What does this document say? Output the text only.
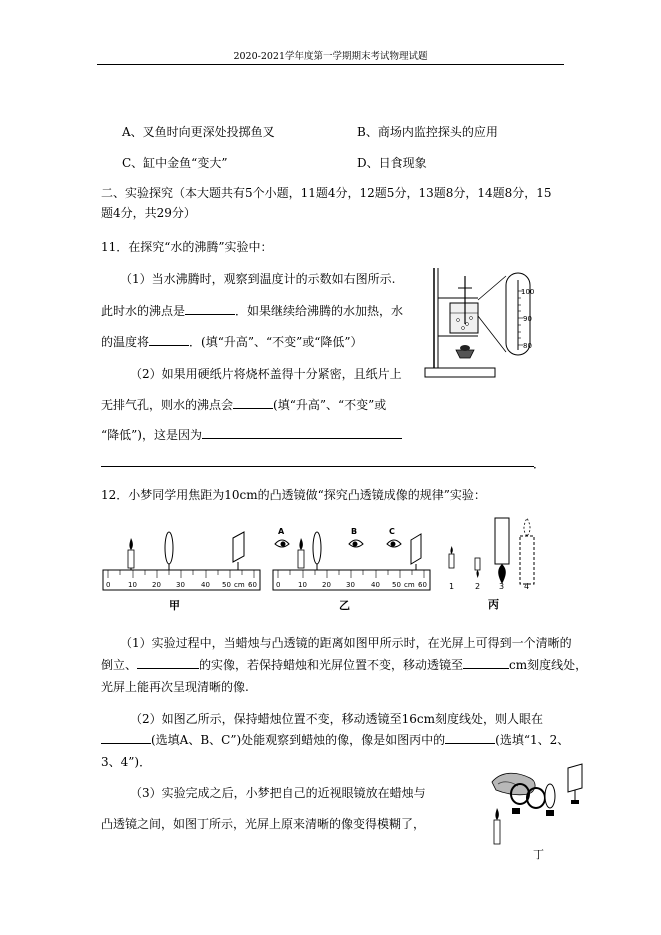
2020-2021学年度第一学期期末考试物理试题
A、叉鱼时向更深处投掷鱼叉	B、商场内监控探头的应用
C、缸中金鱼“变大”	D、日食现象
二、实验探究（本大题共有5个小题，11题4分，12题5分，13题8分，14题8分，15
题4分，共29分）
11．在探究“水的沸腾”实验中：
（1）当水沸腾时，观察到温度计的示数如右图所示.
此时水的沸点是	．如果继续给沸腾的水加热，水
的温度将	．(填“升高”、“不变”或“降低”）
（2）如果用硬纸片将烧杯盖得十分紧密，且纸片上
无排气孔，则水的沸点会	(填“升高”、“不变”或
“降低”)，这是因为
．
100
90
80
12．小梦同学用焦距为10cm的凸透镜做“探究凸透镜成像的规律”实验：
0	10 20 30 40 50 cm 60
甲
0	10 20 30 40 50 cm 60
A	B	C
乙
1	2 3 4
丙
（1）实验过程中，当蜡烛与凸透镜的距离如图甲所示时，在光屏上可得到一个清晰的
倒立、	的实像，若保持蜡烛和光屏位置不变，移动透镜至	cm刻度线处，
光屏上能再次呈现清晰的像.
（2）如图乙所示，保持蜡烛位置不变，移动透镜至16cm刻度线处，则人眼在
(选填A、B、C”)处能观察到蜡烛的像，像是如图丙中的	(选填“1、2、
3、4”)．
（3）实验完成之后，小梦把自己的近视眼镜放在蜡烛与
凸透镜之间，如图丁所示，光屏上原来清晰的像变得模糊了，
丁
